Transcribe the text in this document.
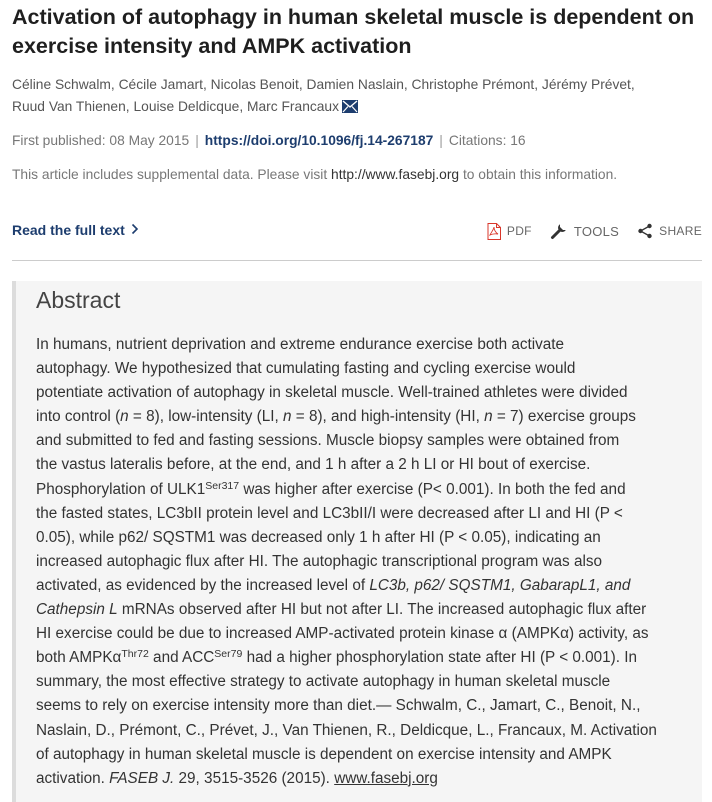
Activation of autophagy in human skeletal muscle is dependent on exercise intensity and AMPK activation
Céline Schwalm, Cécile Jamart, Nicolas Benoit, Damien Naslain, Christophe Prémont, Jérémy Prévet, Ruud Van Thienen, Louise Deldicque, Marc Francaux
First published: 08 May 2015 | https://doi.org/10.1096/fj.14-267187 | Citations: 16
This article includes supplemental data. Please visit http://www.fasebj.org to obtain this information.
Read the full text	PDF	TOOLS	SHARE
Abstract
In humans, nutrient deprivation and extreme endurance exercise both activate
autophagy. We hypothesized that cumulating fasting and cycling exercise would
potentiate activation of autophagy in skeletal muscle. Well-trained athletes were divided
into control (n = 8), low-intensity (LI, n = 8), and high-intensity (HI, n = 7) exercise groups
and submitted to fed and fasting sessions. Muscle biopsy samples were obtained from
the vastus lateralis before, at the end, and 1 h after a 2 h LI or HI bout of exercise.
Phosphorylation of $ULK1^{Ser317}$ was higher after exercise (P< 0.001). In both the fed and
the fasted states, LC3bII protein level and LC3bII/I were decreased after LI and HI (P <
0.05), while p62/ SQSTM1 was decreased only 1 h after HI (P < 0.05), indicating an
increased autophagic flux after HI. The autophagic transcriptional program was also
activated, as evidenced by the increased level of LC3b, p62/ SQSTM1, GabarapL1, and
Cathepsin L mRNAs observed after HI but not after LI. The increased autophagic flux after
HI exercise could be due to increased AMP-activated protein kinase α (AMPKα) activity, as
both AMPKα$^{Thr72}$ and $ACC^{Ser79}$ had a higher phosphorylation state after HI (P < 0.001). In
summary, the most effective strategy to activate autophagy in human skeletal muscle
seems to rely on exercise intensity more than diet.— Schwalm, C., Jamart, C., Benoit, N.,
Naslain, D., Prémont, C., Prévet, J., Van Thienen, R., Deldicque, L., Francaux, M. Activation
of autophagy in human skeletal muscle is dependent on exercise intensity and AMPK
activation. FASEB J. 29, 3515-3526 (2015). www.fasebj.org
